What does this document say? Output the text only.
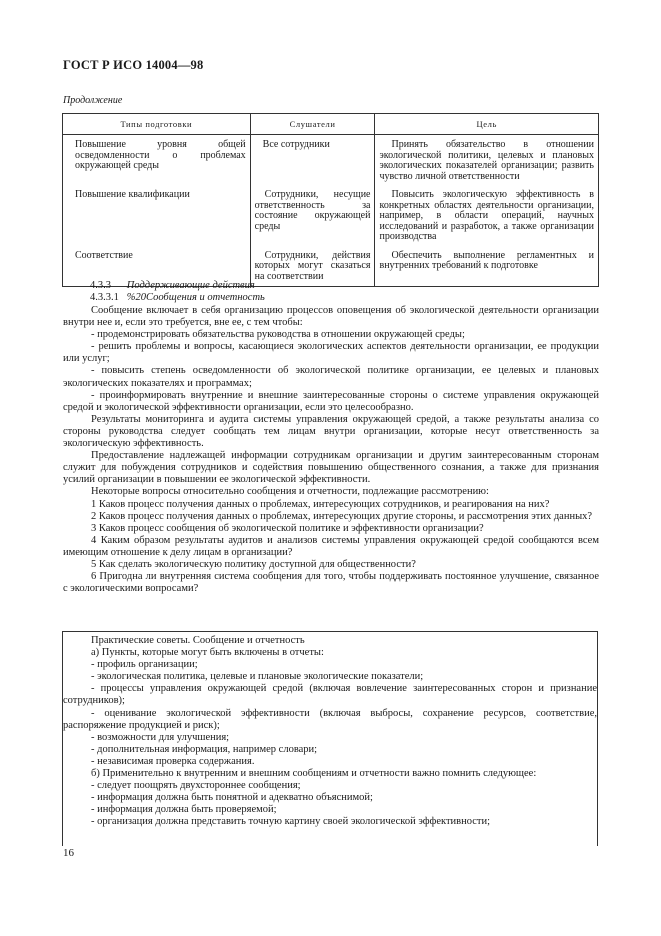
ГОСТ Р ИСО 14004—98
Продолжение
Типы подготовки	Слушатели	Цель

Повышение уровня общей осведомленности о проблемах окружающей среды	Все сотрудники	Принять обязательство в отношении экологической политики, целевых и плановых экологических показателей организации; развить чувство личной ответственности

Повышение квалификации	Сотрудники, несущие ответственность за состояние окружающей среды	Повысить экологическую эффективность в конкретных областях деятельности организации, например, в области операций, научных исследований и разработок, а также организации производства

Соответствие	Сотрудники, действия которых могут сказаться на соответствии	Обеспечить выполнение регламентных и внутренних требований к подготовке

4.3.3 Поддерживающие действия
4.3.3.1 %20Сообщения и отчетность

Сообщение включает в себя организацию процессов оповещения об экологической деятельности организации внутри нее и, если это требуется, вне ее, с тем чтобы:

- продемонстрировать обязательства руководства в отношении окружающей среды;

- решить проблемы и вопросы, касающиеся экологических аспектов деятельности организации, ее продукции или услуг;

- повысить степень осведомленности об экологической политике организации, ее целевых и плановых экологических показателях и программах;

- проинформировать внутренние и внешние заинтересованные стороны о системе управления окружающей средой и экологической эффективности организации, если это целесообразно.

Результаты мониторинга и аудита системы управления окружающей средой, а также результаты анализа со стороны руководства следует сообщать тем лицам внутри организации, которые несут ответственность за экологическую эффективность.

Предоставление надлежащей информации сотрудникам организации и другим заинтересованным сторонам служит для побуждения сотрудников и содействия повышению общественного сознания, а также для признания усилий организации в повышении ее экологической эффективности.

Некоторые вопросы относительно сообщения и отчетности, подлежащие рассмотрению:

1 Каков процесс получения данных о проблемах, интересующих сотрудников, и реагирования на них?

2 Каков процесс получения данных о проблемах, интересующих другие стороны, и рассмотрения этих данных?

3 Каков процесс сообщения об экологической политике и эффективности организации?

4 Каким образом результаты аудитов и анализов системы управления окружающей средой сообщаются всем имеющим отношение к делу лицам в организации?

5 Как сделать экологическую политику доступной для общественности?

6 Пригодна ли внутренняя система сообщения для того, чтобы поддерживать постоянное улучшение, связанное с экологическими вопросами?

Практические советы. Сообщение и отчетность

а) Пункты, которые могут быть включены в отчеты:

- профиль организации;

- экологическая политика, целевые и плановые экологические показатели;

- процессы управления окружающей средой (включая вовлечение заинтересованных сторон и признание сотрудников);

- оценивание экологической эффективности (включая выбросы, сохранение ресурсов, соответствие, распоряжение продукцией и риск);

- возможности для улучшения;

- дополнительная информация, например словари;

- независимая проверка содержания.

б) Применительно к внутренним и внешним сообщениям и отчетности важно помнить следующее:

- следует поощрять двухстороннее сообщения;

- информация должна быть понятной и адекватно объяснимой;

- информация должна быть проверяемой;

- организация должна представить точную картину своей экологической эффективности;

16
